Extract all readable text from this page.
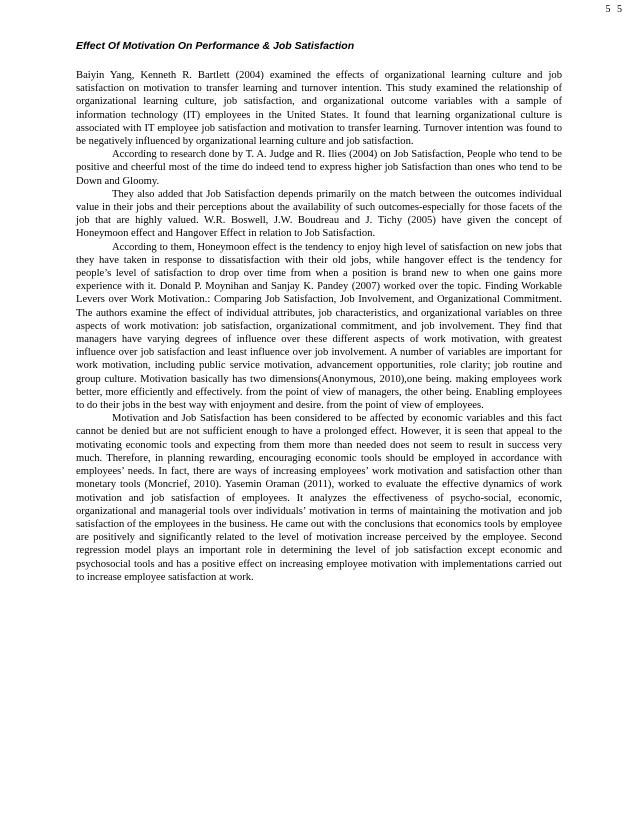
5 5
Effect Of Motivation On Performance & Job Satisfaction

Baiyin Yang, Kenneth R. Bartlett (2004) examined the effects of organizational learning culture and job satisfaction on motivation to transfer learning and turnover intention. This study examined the relationship of organizational learning culture, job satisfaction, and organizational outcome variables with a sample of information technology (IT) employees in the United States. It found that learning organizational culture is associated with IT employee job satisfaction and motivation to transfer learning. Turnover intention was found to be negatively influenced by organizational learning culture and job satisfaction.

According to research done by T. A. Judge and R. Ilies (2004) on Job Satisfaction, People who tend to be positive and cheerful most of the time do indeed tend to express higher job Satisfaction than ones who tend to be Down and Gloomy.

They also added that Job Satisfaction depends primarily on the match between the outcomes individual value in their jobs and their perceptions about the availability of such outcomes-especially for those facets of the job that are highly valued. W.R. Boswell, J.W. Boudreau and J. Tichy (2005) have given the concept of Honeymoon effect and Hangover Effect in relation to Job Satisfaction.

According to them, Honeymoon effect is the tendency to enjoy high level of satisfaction on new jobs that they have taken in response to dissatisfaction with their old jobs, while hangover effect is the tendency for people’s level of satisfaction to drop over time from when a position is brand new to when one gains more experience with it. Donald P. Moynihan and Sanjay K. Pandey (2007) worked over the topic. Finding Workable Levers over Work Motivation.: Comparing Job Satisfaction, Job Involvement, and Organizational Commitment. The authors examine the effect of individual attributes, job characteristics, and organizational variables on three aspects of work motivation: job satisfaction, organizational commitment, and job involvement. They find that managers have varying degrees of influence over these different aspects of work motivation, with greatest influence over job satisfaction and least influence over job involvement. A number of variables are important for work motivation, including public service motivation, advancement opportunities, role clarity; job routine and group culture. Motivation basically has two dimensions(Anonymous, 2010),one being. making employees work better, more efficiently and effectively. from the point of view of managers, the other being. Enabling employees to do their jobs in the best way with enjoyment and desire. from the point of view of employees.

Motivation and Job Satisfaction has been considered to be affected by economic variables and this fact cannot be denied but are not sufficient enough to have a prolonged effect. However, it is seen that appeal to the motivating economic tools and expecting from them more than needed does not seem to result in success very much. Therefore, in planning rewarding, encouraging economic tools should be employed in accordance with employees’ needs. In fact, there are ways of increasing employees’ work motivation and satisfaction other than monetary tools (Moncrief, 2010). Yasemin Oraman (2011), worked to evaluate the effective dynamics of work motivation and job satisfaction of employees. It analyzes the effectiveness of psycho-social, economic, organizational and managerial tools over individuals’ motivation in terms of maintaining the motivation and job satisfaction of the employees in the business. He came out with the conclusions that economics tools by employee are positively and significantly related to the level of motivation increase perceived by the employee. Second regression model plays an important role in determining the level of job satisfaction except economic and psychosocial tools and has a positive effect on increasing employee motivation with implementations carried out to increase employee satisfaction at work.
